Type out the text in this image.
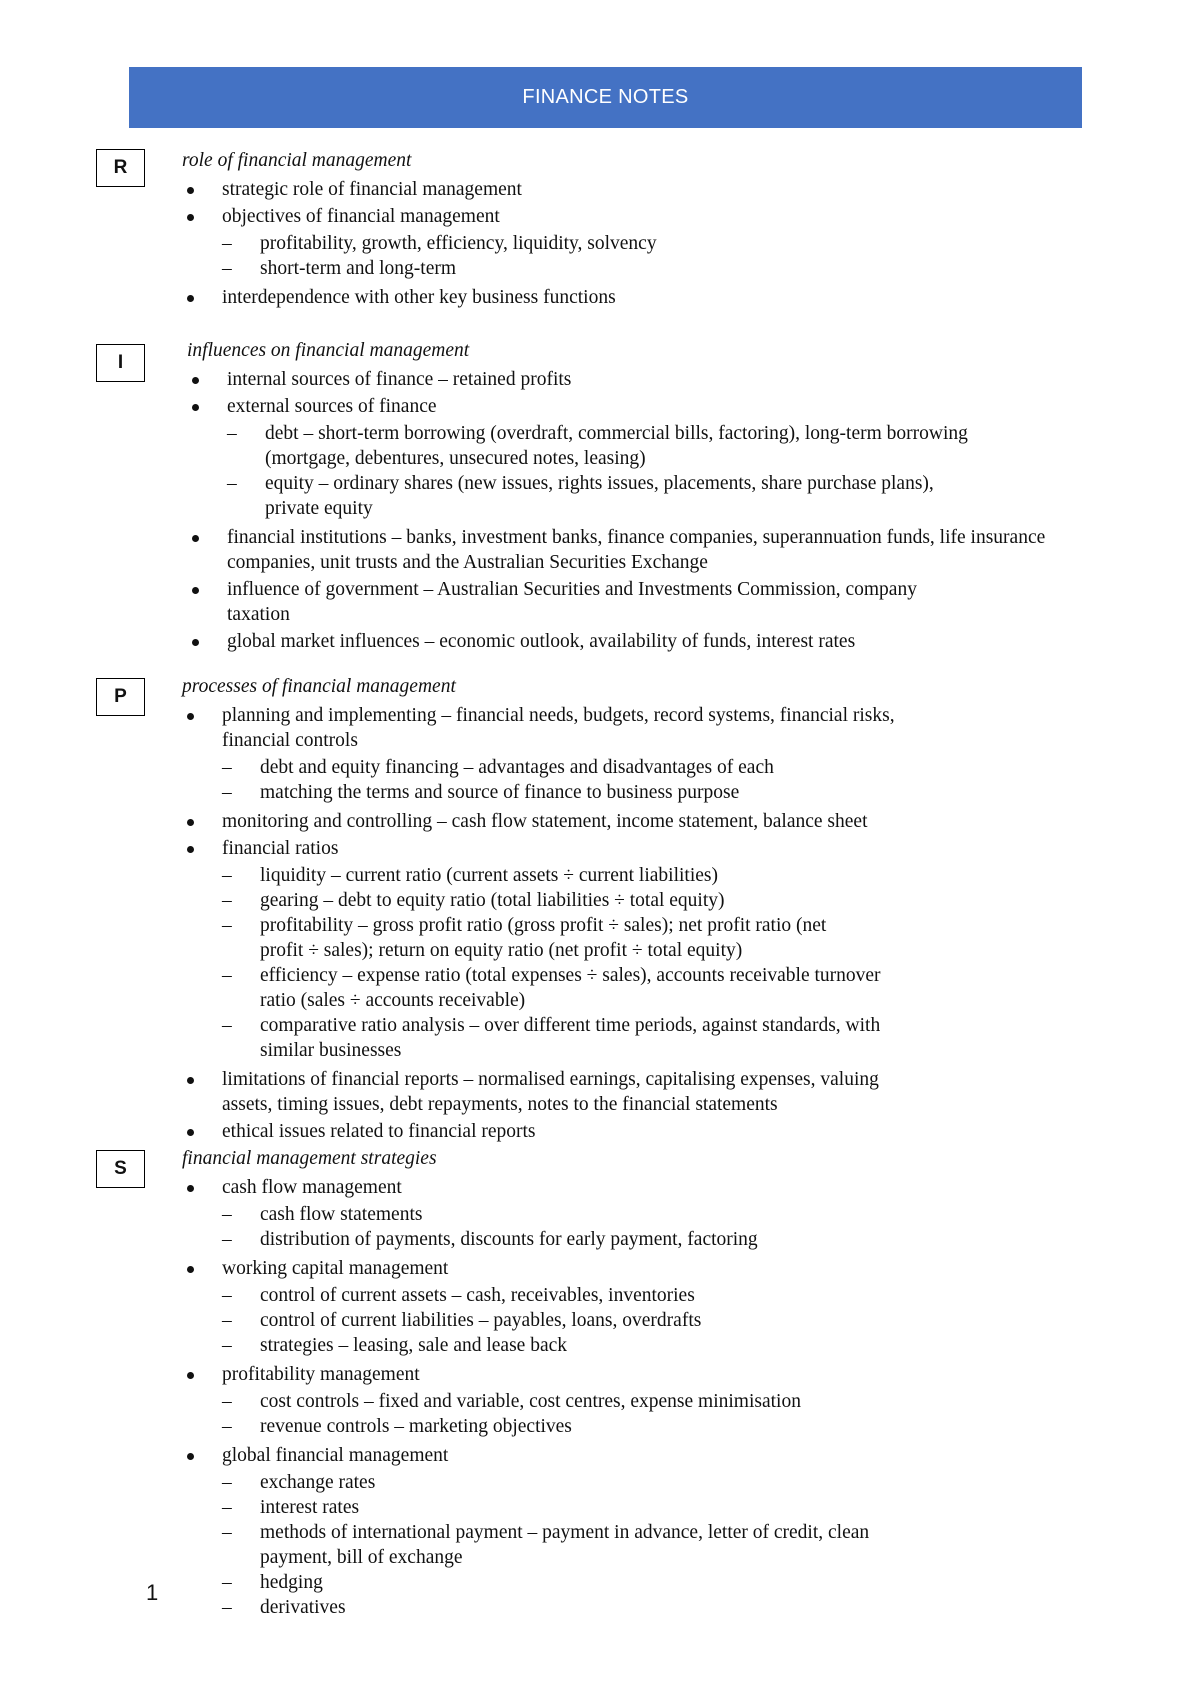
FINANCE NOTES
R	role of financial management
strategic role of financial management
objectives of financial management
– profitability, growth, efficiency, liquidity, solvency
– short-term and long-term
interdependence with other key business functions
I
influences on financial management
internal sources of finance – retained profits
external sources of finance
– debt – short-term borrowing (overdraft, commercial bills, factoring), long-term borrowing (mortgage, debentures, unsecured notes, leasing)
– equity – ordinary shares (new issues, rights issues, placements, share purchase plans), private equity
financial institutions – banks, investment banks, finance companies, superannuation funds, life insurance companies, unit trusts and the Australian Securities Exchange
influence of government – Australian Securities and Investments Commission, company taxation
global market influences – economic outlook, availability of funds, interest rates
P	processes of financial management
planning and implementing – financial needs, budgets, record systems, financial risks, financial controls
– debt and equity financing – advantages and disadvantages of each
– matching the terms and source of finance to business purpose
monitoring and controlling – cash flow statement, income statement, balance sheet
financial ratios
– liquidity – current ratio (current assets ÷ current liabilities)
– gearing – debt to equity ratio (total liabilities ÷ total equity)
– profitability – gross profit ratio (gross profit ÷ sales); net profit ratio (net profit ÷ sales); return on equity ratio (net profit ÷ total equity)
– efficiency – expense ratio (total expenses ÷ sales), accounts receivable turnover ratio (sales ÷ accounts receivable)
– comparative ratio analysis – over different time periods, against standards, with similar businesses
limitations of financial reports – normalised earnings, capitalising expenses, valuing assets, timing issues, debt repayments, notes to the financial statements
ethical issues related to financial reports
S	financial management strategies
cash flow management
– cash flow statements
– distribution of payments, discounts for early payment, factoring
working capital management
– control of current assets – cash, receivables, inventories
– control of current liabilities – payables, loans, overdrafts
– strategies – leasing, sale and lease back
profitability management
– cost controls – fixed and variable, cost centres, expense minimisation
– revenue controls – marketing objectives
global financial management
– exchange rates
– interest rates
– methods of international payment – payment in advance, letter of credit, clean payment, bill of exchange
– hedging
– derivatives
1
